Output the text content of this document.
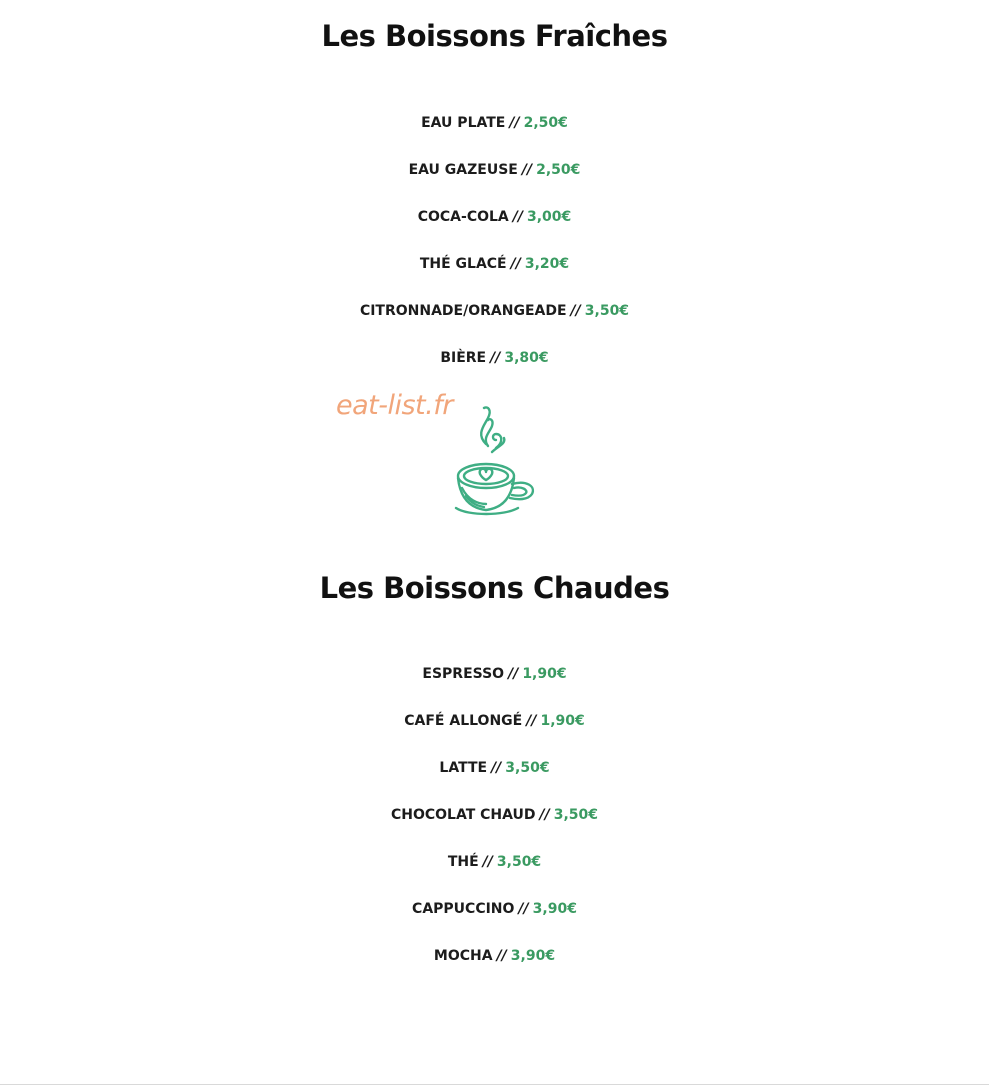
Les Boissons Fraîches
EAU PLATE // 2,50€
EAU GAZEUSE // 2,50€
COCA-COLA // 3,00€
THÉ GLACÉ // 3,20€
CITRONNADE/ORANGEADE // 3,50€
BIÈRE // 3,80€
eat-list.fr
Les Boissons Chaudes
ESPRESSO // 1,90€
CAFÉ ALLONGÉ // 1,90€
LATTE // 3,50€
CHOCOLAT CHAUD // 3,50€
THÉ // 3,50€
CAPPUCCINO // 3,90€
MOCHA // 3,90€
